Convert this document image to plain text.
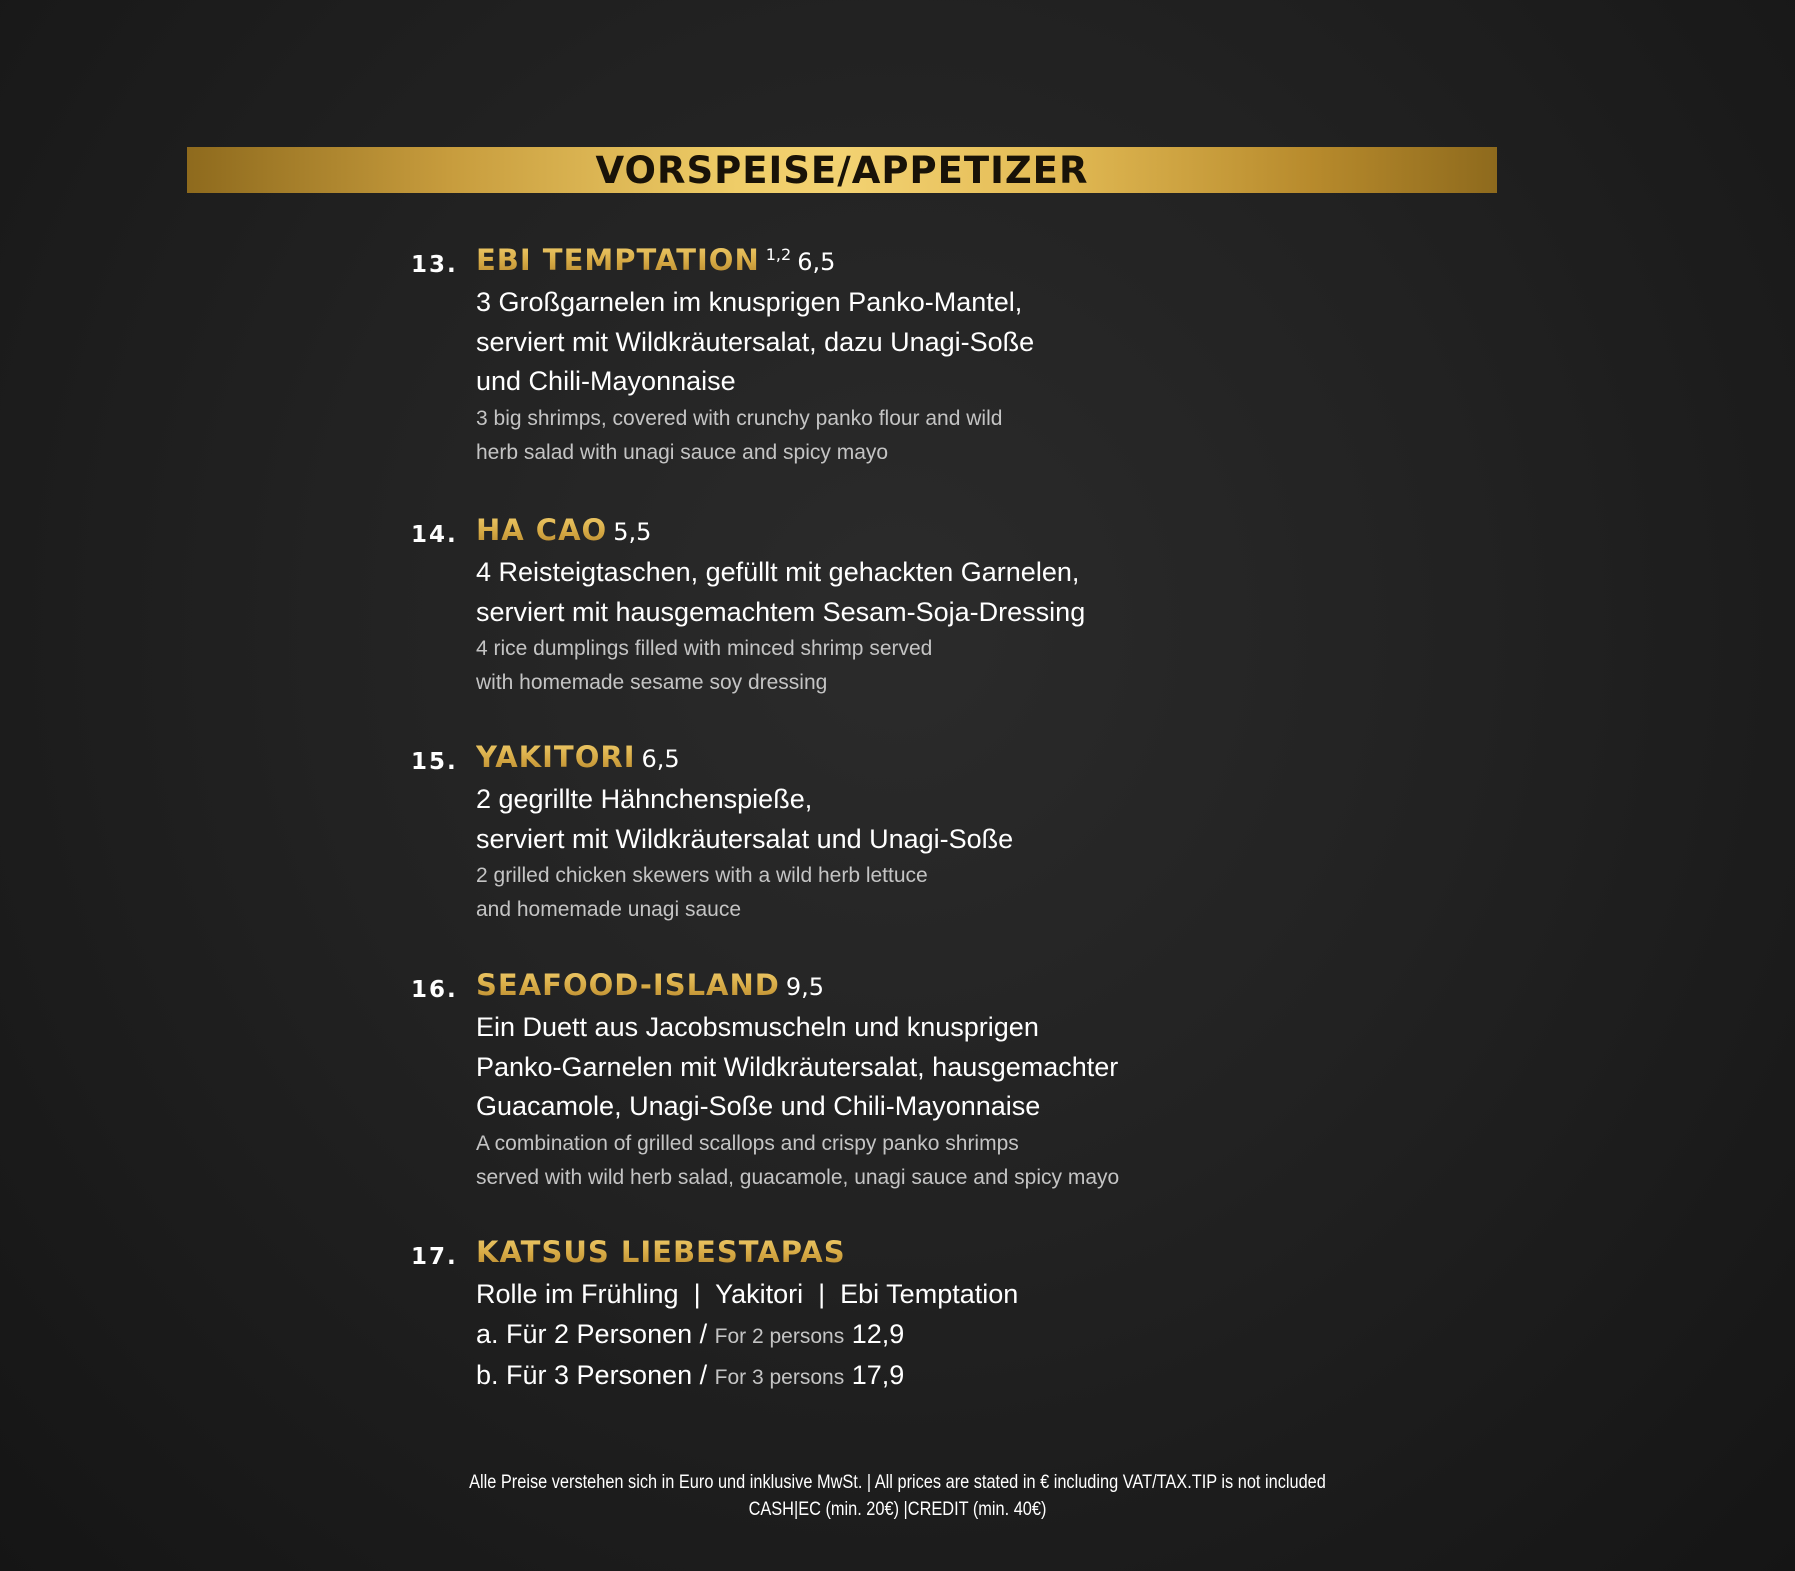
VORSPEISE/APPETIZER
13. EBI TEMPTATION 1,2 6,5
3 Großgarnelen im knusprigen Panko-Mantel,
serviert mit Wildkräutersalat, dazu Unagi-Soße
und Chili-Mayonnaise
3 big shrimps, covered with crunchy panko flour and wild
herb salad with unagi sauce and spicy mayo
14. HA CAO 5,5
4 Reisteigtaschen, gefüllt mit gehackten Garnelen,
serviert mit hausgemachtem Sesam-Soja-Dressing
4 rice dumplings filled with minced shrimp served
with homemade sesame soy dressing
15. YAKITORI 6,5
2 gegrillte Hähnchenspieße,
serviert mit Wildkräutersalat und Unagi-Soße
2 grilled chicken skewers with a wild herb lettuce
and homemade unagi sauce
16. SEAFOOD-ISLAND 9,5
Ein Duett aus Jacobsmuscheln und knusprigen
Panko-Garnelen mit Wildkräutersalat, hausgemachter
Guacamole, Unagi-Soße und Chili-Mayonnaise
A combination of grilled scallops and crispy panko shrimps
served with wild herb salad, guacamole, unagi sauce and spicy mayo
17. KATSUS LIEBESTAPAS
Rolle im Frühling  |  Yakitori  |  Ebi Temptation
a. Für 2 Personen / For 2 persons 12,9
b. Für 3 Personen / For 3 persons 17,9
Alle Preise verstehen sich in Euro und inklusive MwSt. | All prices are stated in € including VAT/TAX.TIP is not included
CASH|EC (min. 20€) |CREDIT (min. 40€)
